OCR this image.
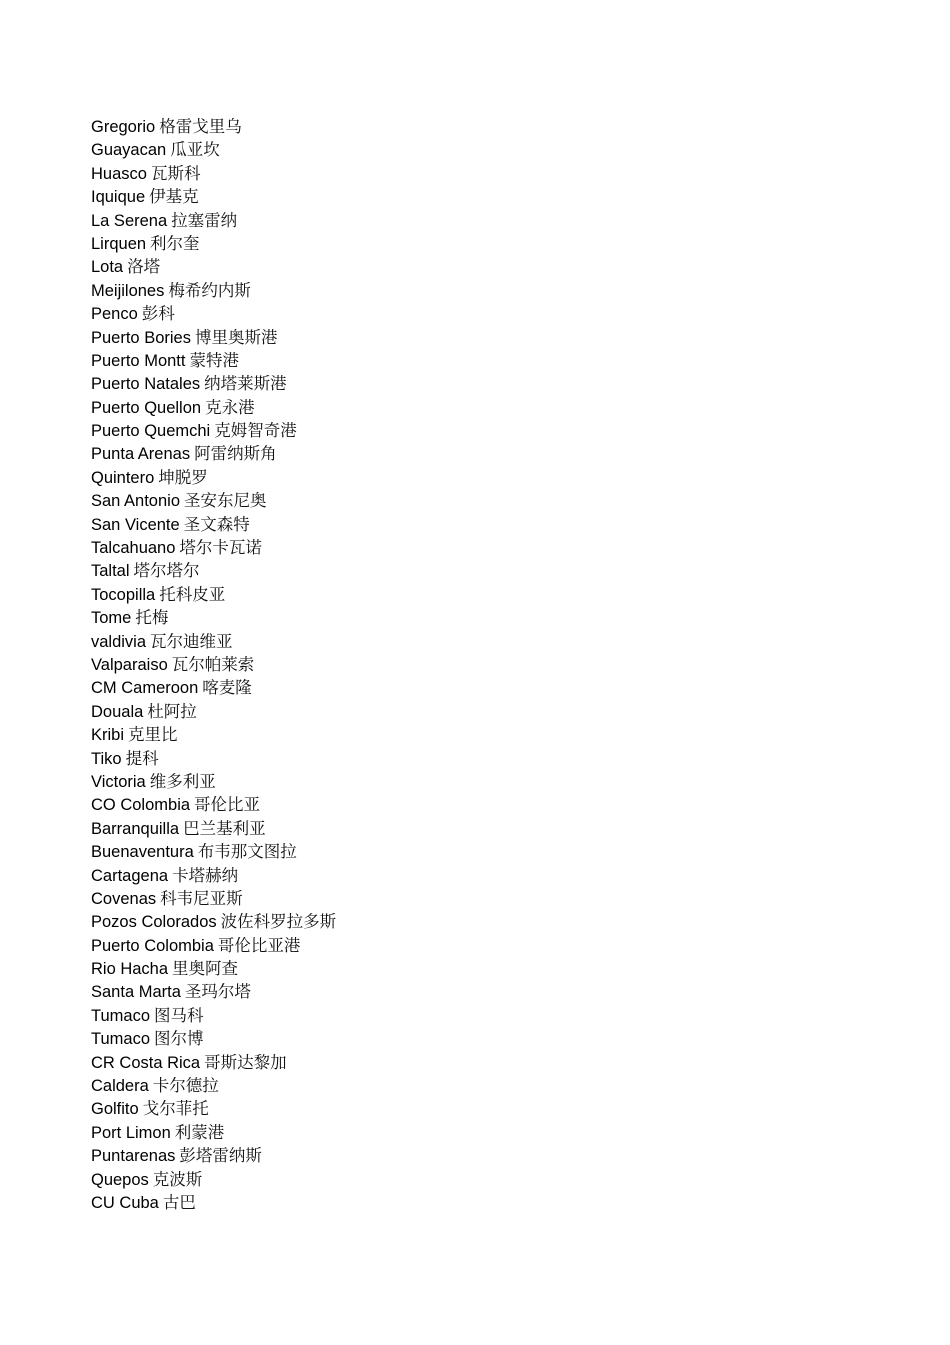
Gregorio 格雷戈里乌
Guayacan 瓜亚坎
Huasco 瓦斯科
Iquique 伊基克
La Serena 拉塞雷纳
Lirquen 利尔奎
Lota 洛塔
Meijilones 梅希约内斯
Penco 彭科
Puerto Bories 博里奥斯港
Puerto Montt 蒙特港
Puerto Natales 纳塔莱斯港
Puerto Quellon 克永港
Puerto Quemchi 克姆智奇港
Punta Arenas 阿雷纳斯角
Quintero 坤脱罗
San Antonio 圣安东尼奥
San Vicente 圣文森特
Talcahuano 塔尔卡瓦诺
Taltal 塔尔塔尔
Tocopilla 托科皮亚
Tome 托梅
valdivia 瓦尔迪维亚
Valparaiso 瓦尔帕莱索
CM Cameroon 喀麦隆
Douala 杜阿拉
Kribi 克里比
Tiko 提科
Victoria 维多利亚
CO Colombia 哥伦比亚
Barranquilla 巴兰基利亚
Buenaventura 布韦那文图拉
Cartagena 卡塔赫纳
Covenas 科韦尼亚斯
Pozos Colorados 波佐科罗拉多斯
Puerto Colombia 哥伦比亚港
Rio Hacha 里奥阿查
Santa Marta 圣玛尔塔
Tumaco 图马科
Tumaco 图尔博
CR Costa Rica 哥斯达黎加
Caldera 卡尔德拉
Golfito 戈尔菲托
Port Limon 利蒙港
Puntarenas 彭塔雷纳斯
Quepos 克波斯
CU Cuba 古巴
